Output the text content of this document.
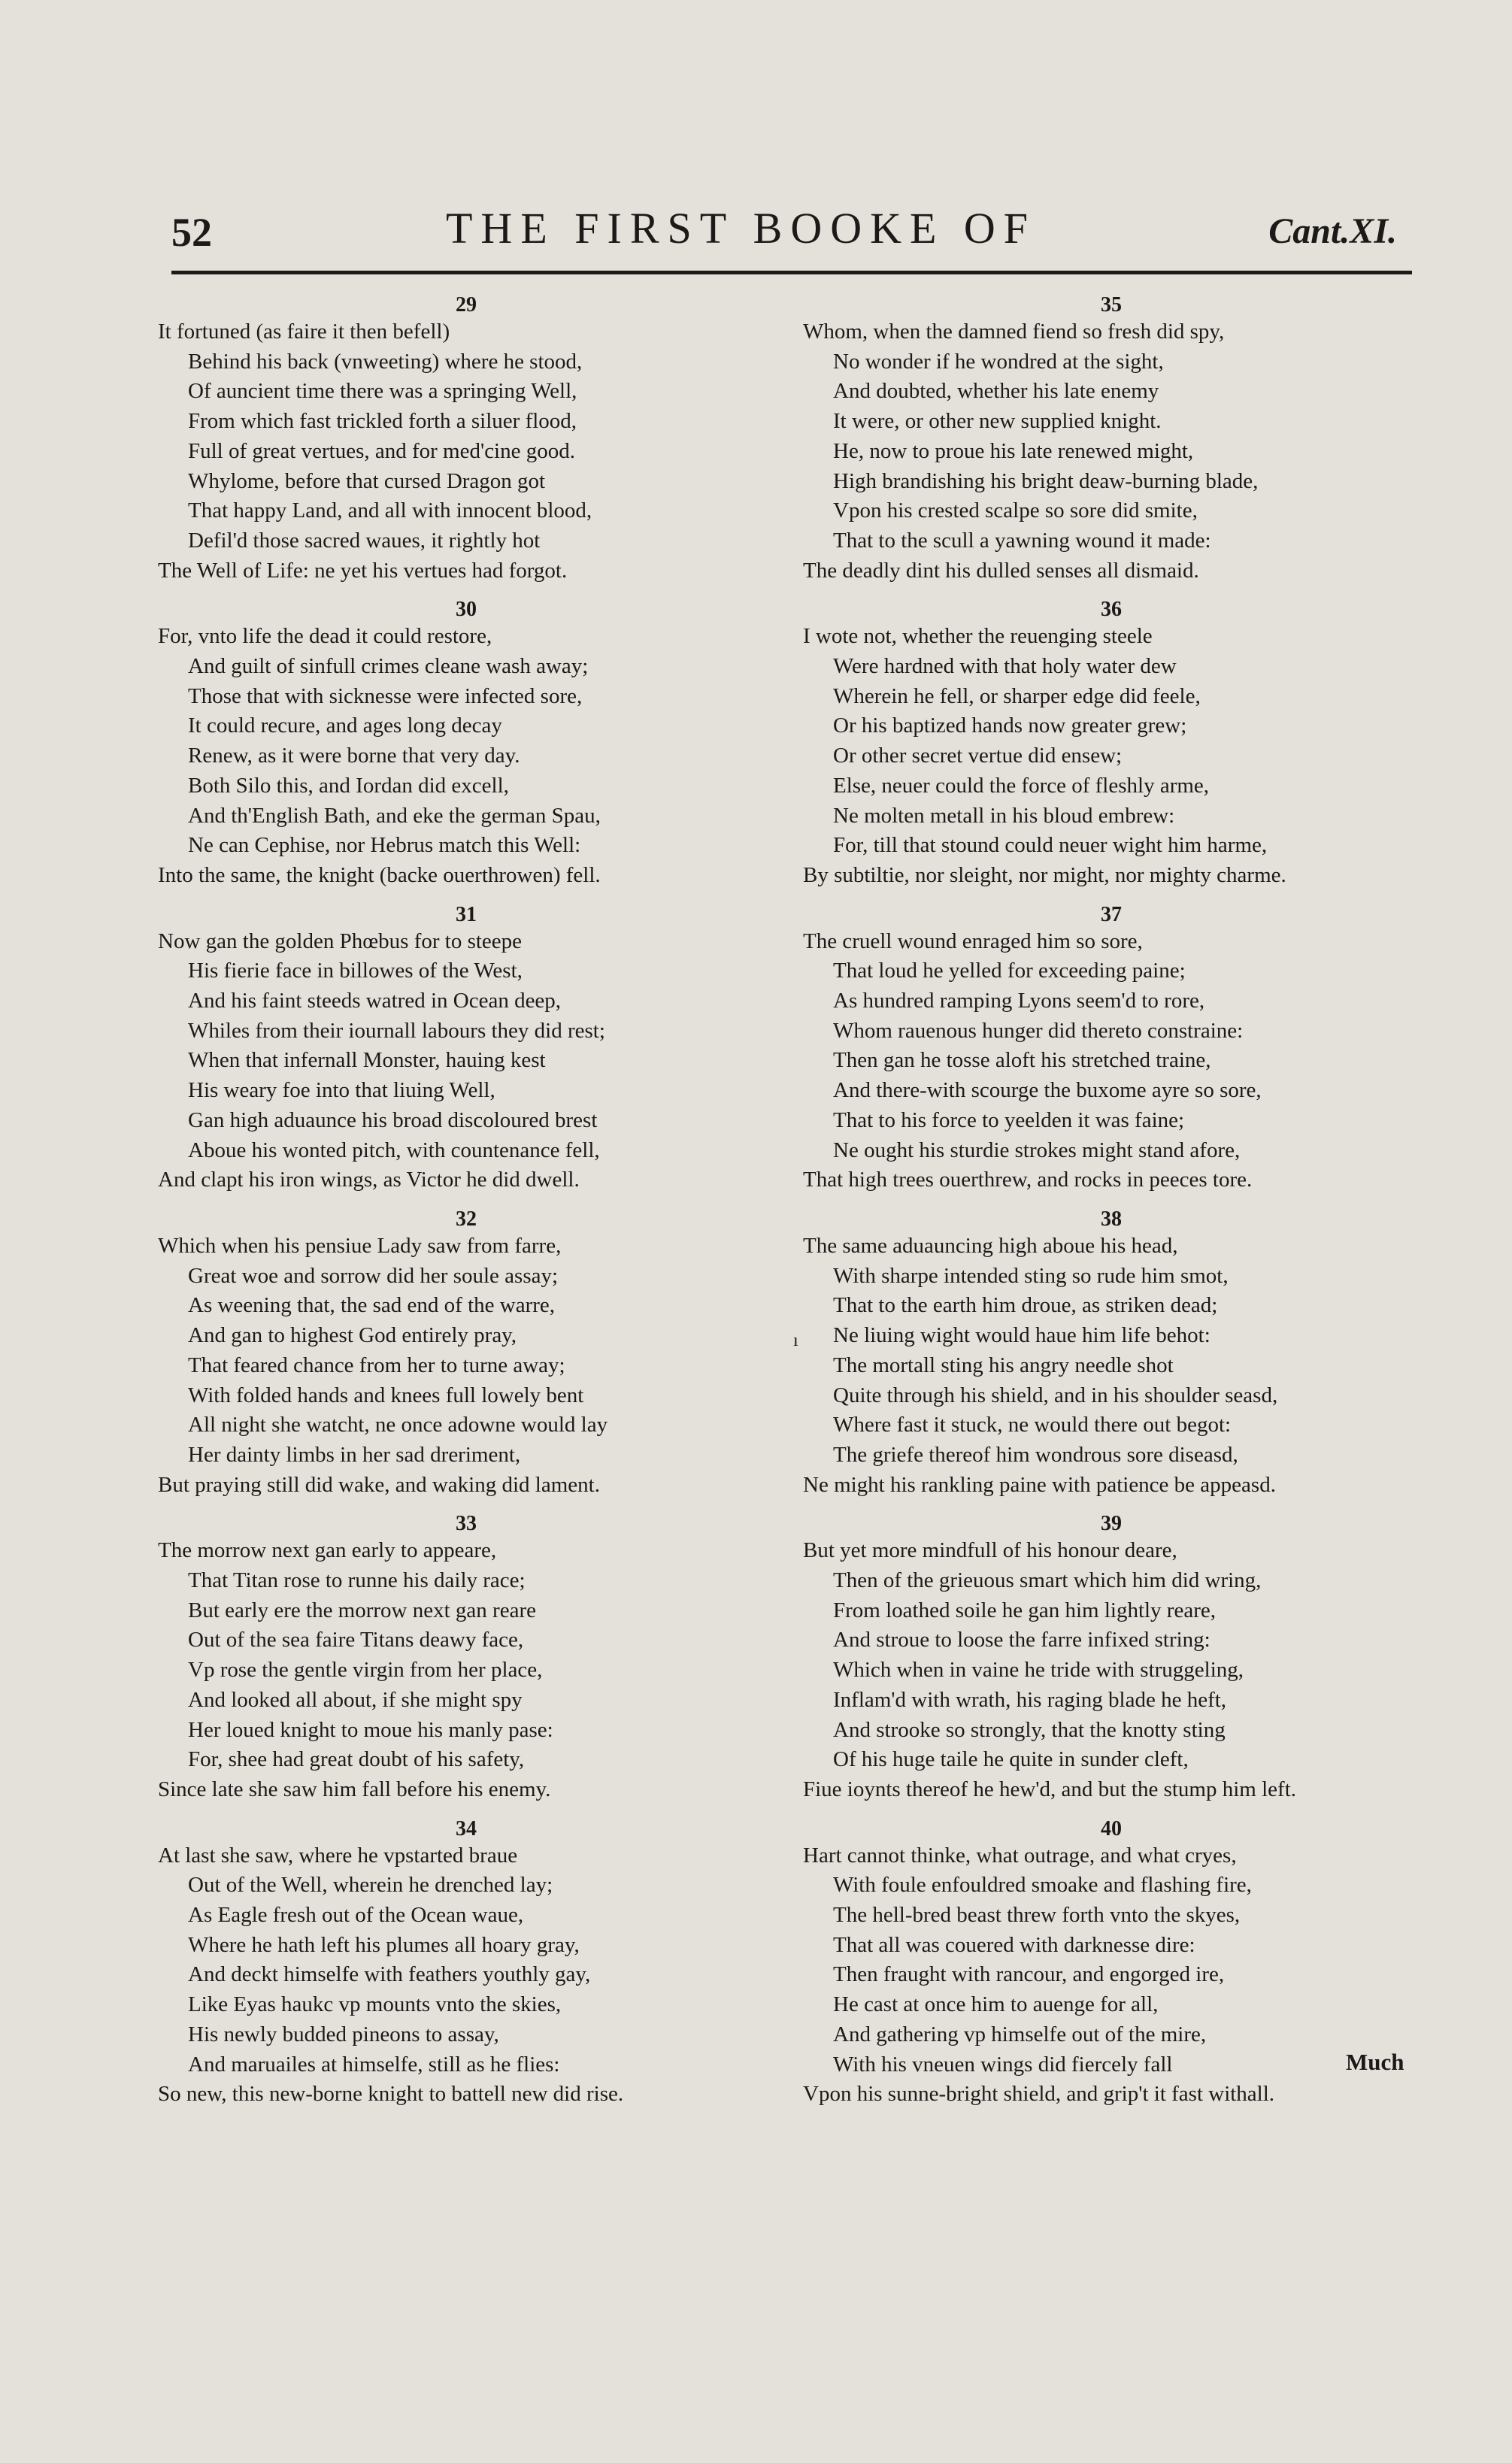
52	THE FIRST BOOKE OF	Cant.XI.
29
It fortuned (as faire it then befell)
Behind his back (vnweeting) where he stood,
Of auncient time there was a springing Well,
From which fast trickled forth a siluer flood,
Full of great vertues, and for med'cine good.
Whylome, before that cursed Dragon got
That happy Land, and all with innocent blood,
Defil'd those sacred waues, it rightly hot
The Well of Life: ne yet his vertues had forgot.
30
For, vnto life the dead it could restore,
And guilt of sinfull crimes cleane wash away;
Those that with sicknesse were infected sore,
It could recure, and ages long decay
Renew, as it were borne that very day.
Both Silo this, and Iordan did excell,
And th'English Bath, and eke the german Spau,
Ne can Cephise, nor Hebrus match this Well:
Into the same, the knight (backe ouerthrowen) fell.
31
Now gan the golden Phœbus for to steepe
His fierie face in billowes of the West,
And his faint steeds watred in Ocean deep,
Whiles from their iournall labours they did rest;
When that infernall Monster, hauing kest
His weary foe into that liuing Well,
Gan high aduaunce his broad discoloured brest
Aboue his wonted pitch, with countenance fell,
And clapt his iron wings, as Victor he did dwell.
32
Which when his pensiue Lady saw from farre,
Great woe and sorrow did her soule assay;
As weening that, the sad end of the warre,
And gan to highest God entirely pray,
That feared chance from her to turne away;
With folded hands and knees full lowely bent
All night she watcht, ne once adowne would lay
Her dainty limbs in her sad dreriment,
But praying still did wake, and waking did lament.
33
The morrow next gan early to appeare,
That Titan rose to runne his daily race;
But early ere the morrow next gan reare
Out of the sea faire Titans deawy face,
Vp rose the gentle virgin from her place,
And looked all about, if she might spy
Her loued knight to moue his manly pase:
For, shee had great doubt of his safety,
Since late she saw him fall before his enemy.
34
At last she saw, where he vpstarted braue
Out of the Well, wherein he drenched lay;
As Eagle fresh out of the Ocean waue,
Where he hath left his plumes all hoary gray,
And deckt himselfe with feathers youthly gay,
Like Eyas haukc vp mounts vnto the skies,
His newly budded pineons to assay,
And maruailes at himselfe, still as he flies:
So new, this new-borne knight to battell new did rise.
35
Whom, when the damned fiend so fresh did spy,
No wonder if he wondred at the sight,
And doubted, whether his late enemy
It were, or other new supplied knight.
He, now to proue his late renewed might,
High brandishing his bright deaw-burning blade,
Vpon his crested scalpe so sore did smite,
That to the scull a yawning wound it made:
The deadly dint his dulled senses all dismaid.
36
I wote not, whether the reuenging steele
Were hardned with that holy water dew
Wherein he fell, or sharper edge did feele,
Or his baptized hands now greater grew;
Or other secret vertue did ensew;
Else, neuer could the force of fleshly arme,
Ne molten metall in his bloud embrew:
For, till that stound could neuer wight him harme,
By subtiltie, nor sleight, nor might, nor mighty charme.
37
The cruell wound enraged him so sore,
That loud he yelled for exceeding paine;
As hundred ramping Lyons seem'd to rore,
Whom rauenous hunger did thereto constraine:
Then gan he tosse aloft his stretched traine,
And there-with scourge the buxome ayre so sore,
That to his force to yeelden it was faine;
Ne ought his sturdie strokes might stand afore,
That high trees ouerthrew, and rocks in peeces tore.
38
The same aduauncing high aboue his head,
With sharpe intended sting so rude him smot,
That to the earth him droue, as striken dead;
Ne liuing wight would haue him life behot:
The mortall sting his angry needle shot
Quite through his shield, and in his shoulder seasd,
Where fast it stuck, ne would there out begot:
The griefe thereof him wondrous sore diseasd,
Ne might his rankling paine with patience be appeasd.
39
But yet more mindfull of his honour deare,
Then of the grieuous smart which him did wring,
From loathed soile he gan him lightly reare,
And stroue to loose the farre infixed string:
Which when in vaine he tride with struggeling,
Inflam'd with wrath, his raging blade he heft,
And strooke so strongly, that the knotty sting
Of his huge taile he quite in sunder cleft,
Fiue ioynts thereof he hew'd, and but the stump him left.
40
Hart cannot thinke, what outrage, and what cryes,
With foule enfouldred smoake and flashing fire,
The hell-bred beast threw forth vnto the skyes,
That all was couered with darknesse dire:
Then fraught with rancour, and engorged ire,
He cast at once him to auenge for all,
And gathering vp himselfe out of the mire,
With his vneuen wings did fiercely fall
Vpon his sunne-bright shield, and grip't it fast withall.
ı
Much
